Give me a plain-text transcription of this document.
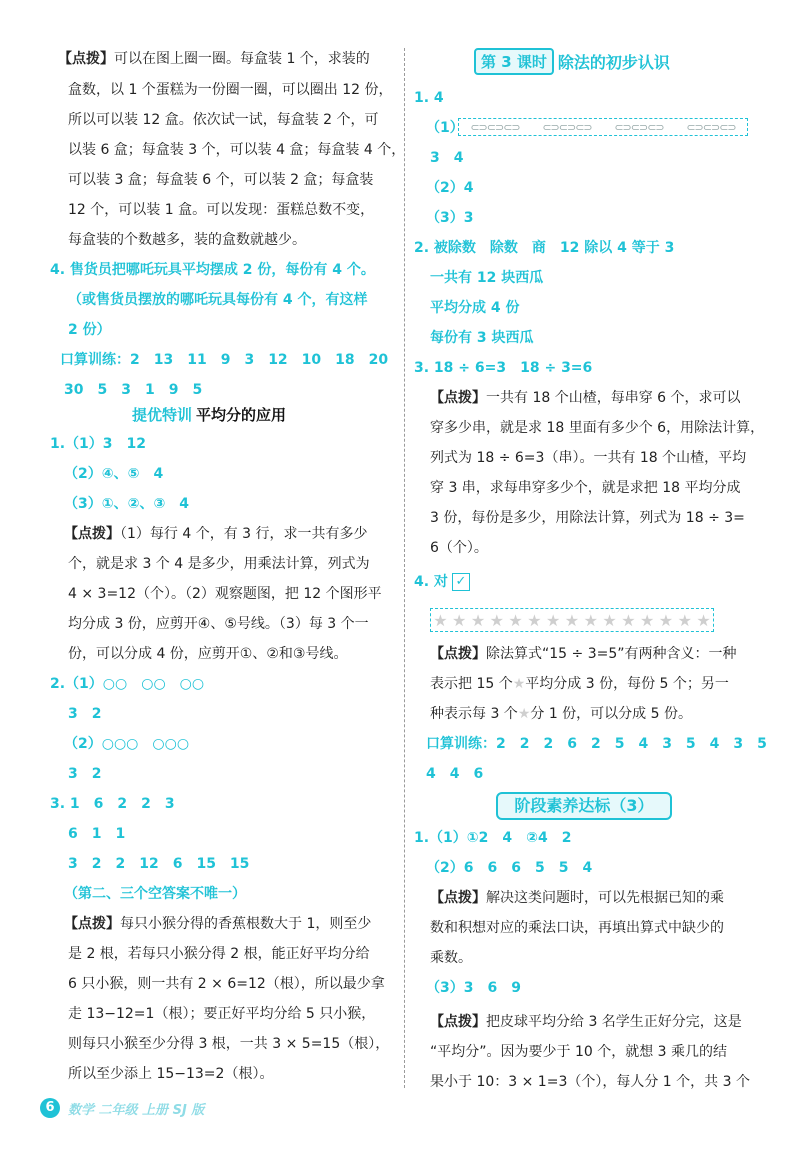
【点拨】可以在图上圈一圈。每盒装 1 个，求装的
盒数，以 1 个蛋糕为一份圈一圈，可以圈出 12 份，
所以可以装 12 盒。依次试一试，每盒装 2 个，可
以装 6 盒；每盒装 3 个，可以装 4 盒；每盒装 4 个，
可以装 3 盒；每盒装 6 个，可以装 2 盒；每盒装
12 个，可以装 1 盒。可以发现：蛋糕总数不变，
每盒装的个数越多，装的盒数就越少。
4. 售货员把哪吒玩具平均摆成 2 份，每份有 4 个。
（或售货员摆放的哪吒玩具每份有 4 个，有这样
2 份）
口算训练：2　13　11　9　3　12　10　18　20
30　5　3　1　9　5
提优特训 平均分的应用
1.（1）3　12
（2）④、⑤　4
（3）①、②、③　4
【点拨】（1）每行 4 个，有 3 行，求一共有多少
个，就是求 3 个 4 是多少，用乘法计算，列式为
4 × 3=12（个）。（2）观察题图，把 12 个图形平
均分成 3 份，应剪开④、⑤号线。（3）每 3 个一
份，可以分成 4 份，应剪开①、②和③号线。
2.（1）○○　○○　○○
3　2
（2）○○○　○○○
3　2
3. 1　6　2　2　3
6　1　1
3　2　2　12　6　15　15
（第二、三个空答案不唯一）
【点拨】每只小猴分得的香蕉根数大于 1，则至少
是 2 根，若每只小猴分得 2 根，能正好平均分给
6 只小猴，则一共有 2 × 6=12（根），所以最少拿
走 13−12=1（根）；要正好平均分给 5 只小猴，
则每只小猴至少分得 3 根，一共 3 × 5=15（根），
所以至少添上 15−13=2（根）。
第 3 课时 除法的初步认识
1. 4
（1） ⊂⊃⊂⊃⊂⊃ ⊂⊃⊂⊃⊂⊃ ⊂⊃⊂⊃⊂⊃ ⊂⊃⊂⊃⊂⊃
3　4
（2）4
（3）3
2. 被除数　除数　商　12 除以 4 等于 3
一共有 12 块西瓜
平均分成 4 份
每份有 3 块西瓜
3. 18 ÷ 6=3　18 ÷ 3=6
【点拨】一共有 18 个山楂，每串穿 6 个，求可以
穿多少串，就是求 18 里面有多少个 6，用除法计算，
列式为 18 ÷ 6=3（串）。一共有 18 个山楂，平均
穿 3 串，求每串穿多少个，就是求把 18 平均分成
3 份，每份是多少，用除法计算，列式为 18 ÷ 3=
6（个）。
4. 对 ✓
★ ★ ★ ★ ★ ★ ★ ★ ★ ★ ★ ★ ★ ★ ★
【点拨】除法算式“15 ÷ 3=5”有两种含义：一种
表示把 15 个★平均分成 3 份，每份 5 个；另一
种表示每 3 个★分 1 份，可以分成 5 份。
口算训练：2　2　2　6　2　5　4　3　5　4　3　5
4　4　6
阶段素养达标（3）
1.（1）①2　4　②4　2
（2）6　6　6　5　5　4
【点拨】解决这类问题时，可以先根据已知的乘
数和积想对应的乘法口诀，再填出算式中缺少的
乘数。
（3）3　6　9
【点拨】把皮球平均分给 3 名学生正好分完，这是
“平均分”。因为要少于 10 个，就想 3 乘几的结
果小于 10：3 × 1=3（个），每人分 1 个，共 3 个
6	数学 二年级 上册 SJ 版
